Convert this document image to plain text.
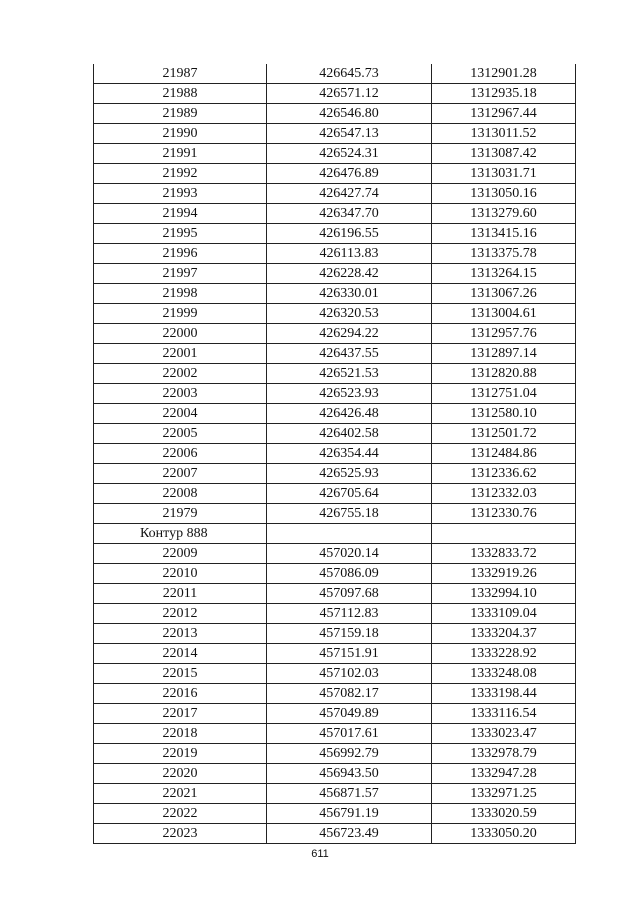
21987	426645.73	1312901.28
21988	426571.12	1312935.18
21989	426546.80	1312967.44
21990	426547.13	1313011.52
21991	426524.31	1313087.42
21992	426476.89	1313031.71
21993	426427.74	1313050.16
21994	426347.70	1313279.60
21995	426196.55	1313415.16
21996	426113.83	1313375.78
21997	426228.42	1313264.15
21998	426330.01	1313067.26
21999	426320.53	1313004.61
22000	426294.22	1312957.76
22001	426437.55	1312897.14
22002	426521.53	1312820.88
22003	426523.93	1312751.04
22004	426426.48	1312580.10
22005	426402.58	1312501.72
22006	426354.44	1312484.86
22007	426525.93	1312336.62
22008	426705.64	1312332.03
21979	426755.18	1312330.76
Контур 888		
22009	457020.14	1332833.72
22010	457086.09	1332919.26
22011	457097.68	1332994.10
22012	457112.83	1333109.04
22013	457159.18	1333204.37
22014	457151.91	1333228.92
22015	457102.03	1333248.08
22016	457082.17	1333198.44
22017	457049.89	1333116.54
22018	457017.61	1333023.47
22019	456992.79	1332978.79
22020	456943.50	1332947.28
22021	456871.57	1332971.25
22022	456791.19	1333020.59
22023	456723.49	1333050.20
611
